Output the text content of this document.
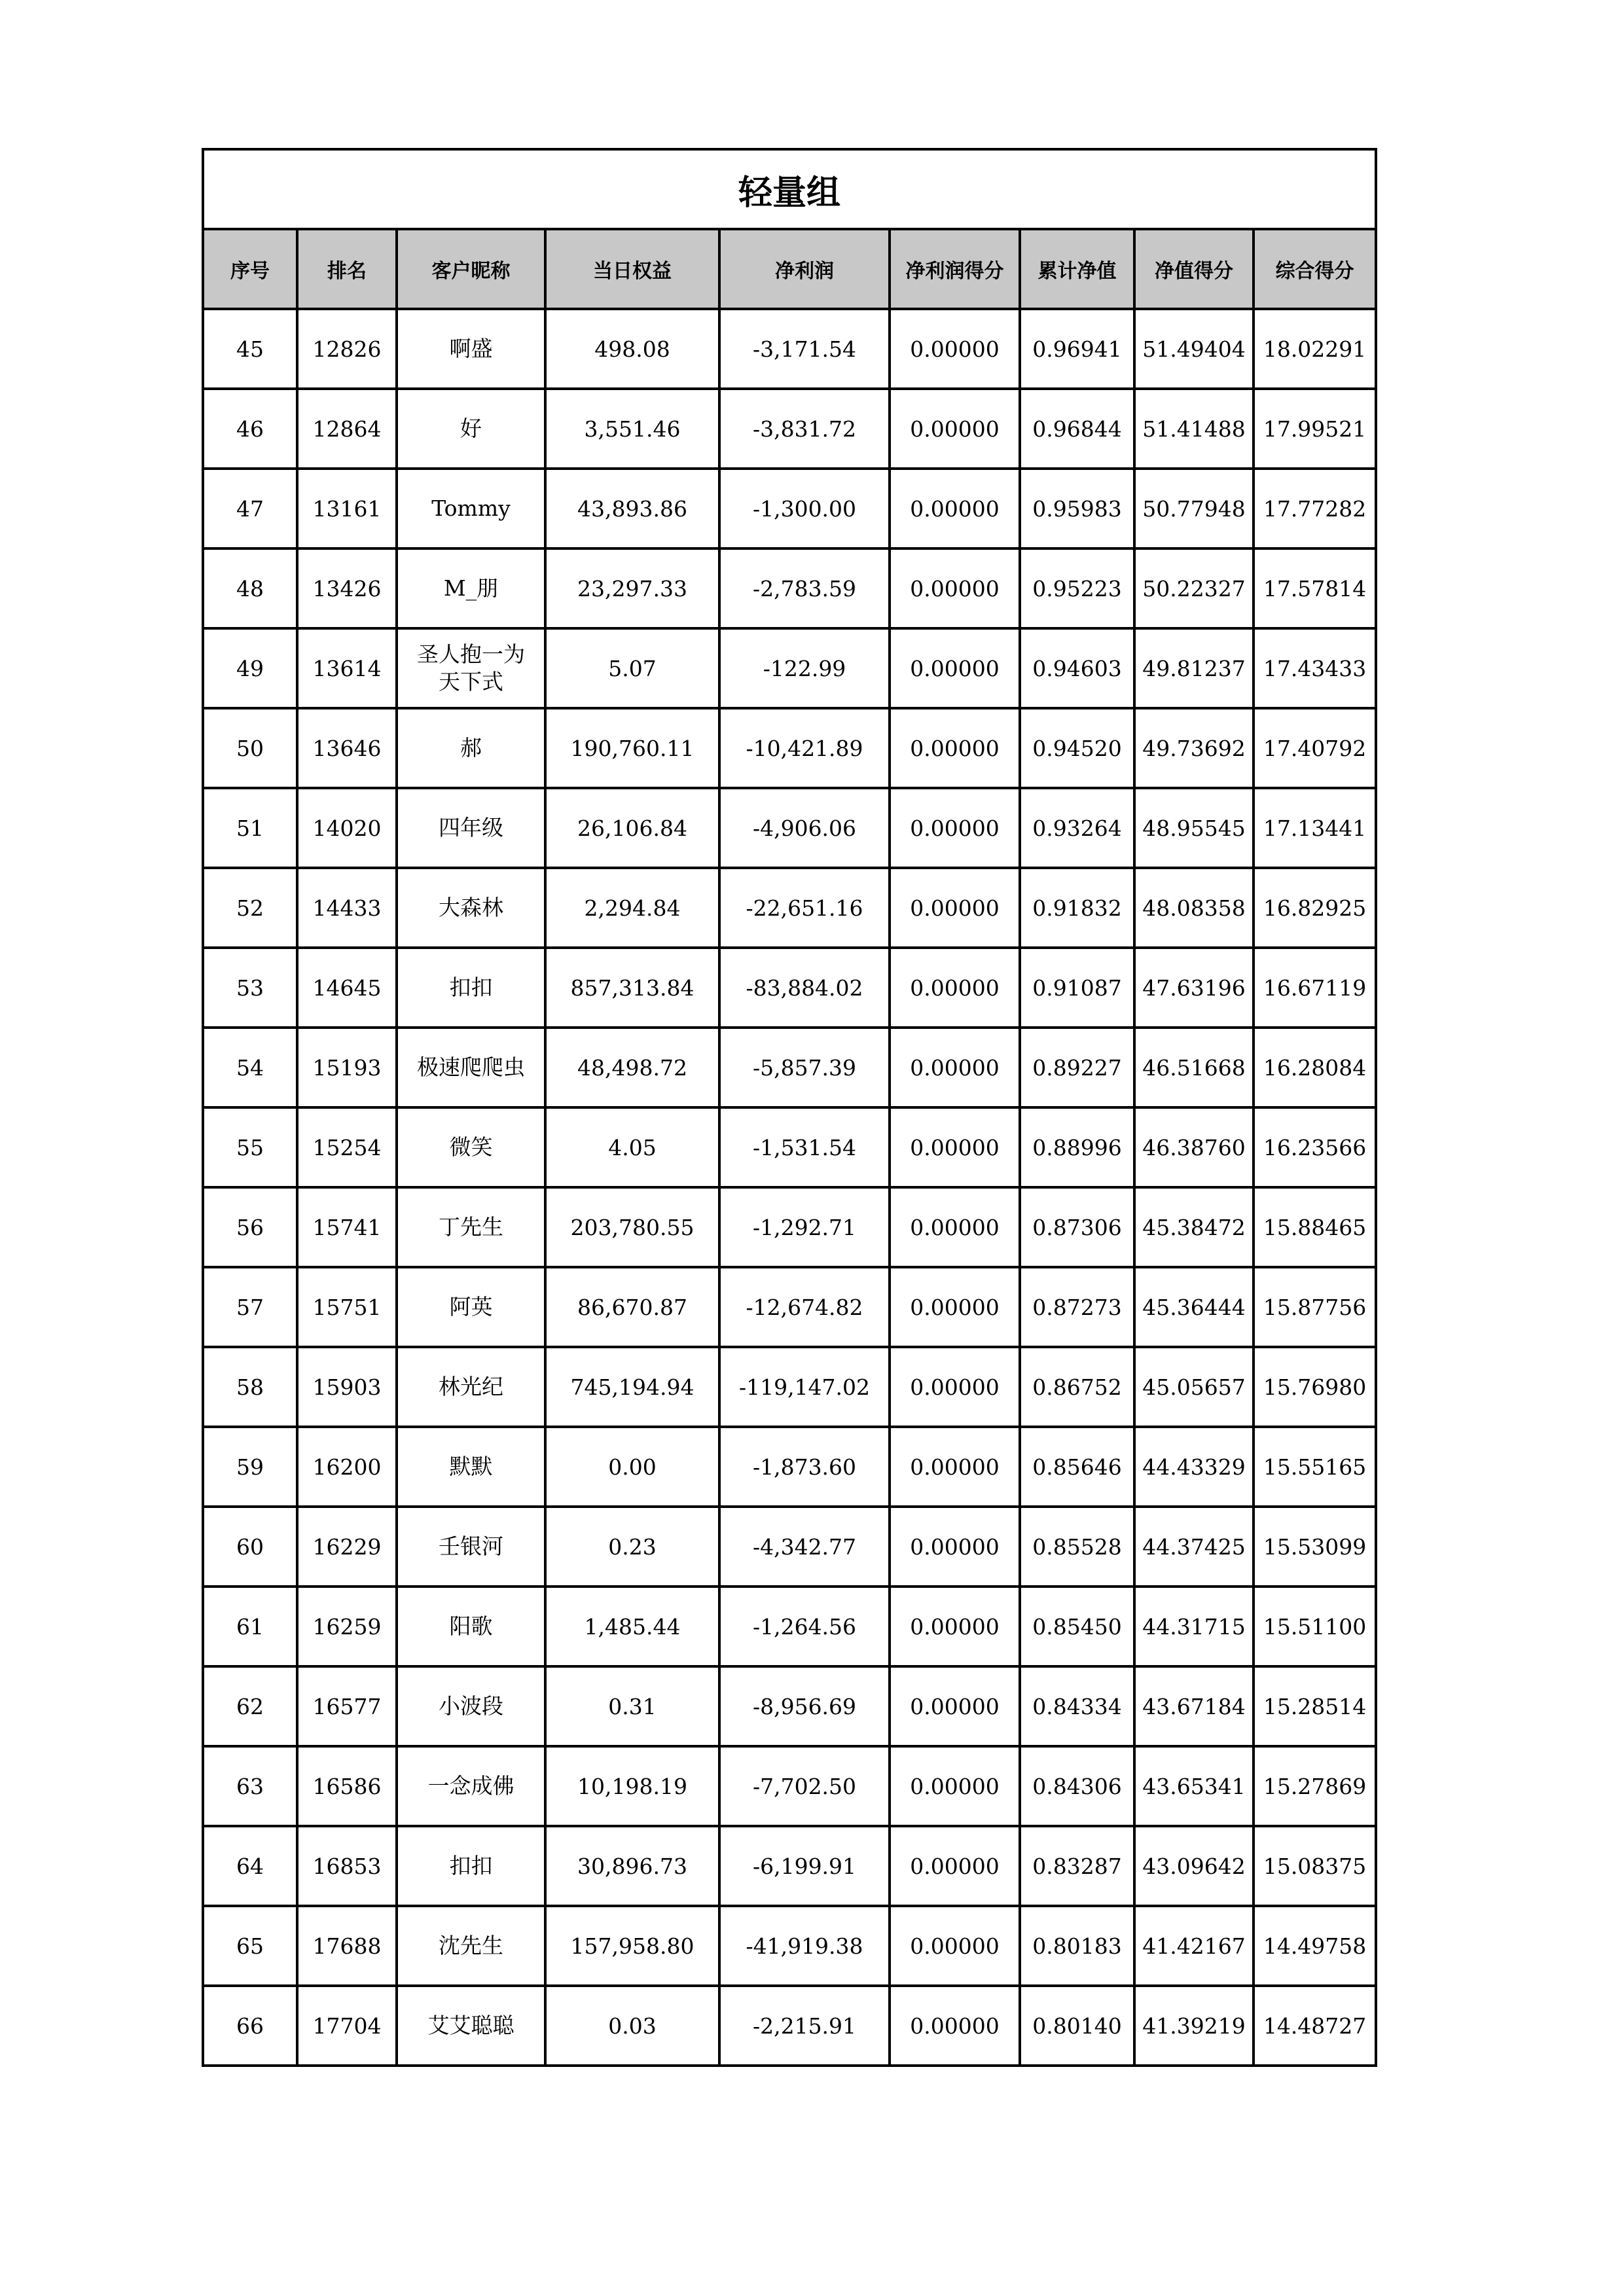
轻量组								
序号	排名	客户昵称	当日权益	净利润	净利润得分	累计净值	净值得分	综合得分
45	12826	啊盛	498.08	-3,171.54	0.00000	0.96941	51.49404	18.02291
46	12864	好	3,551.46	-3,831.72	0.00000	0.96844	51.41488	17.99521
47	13161	Tommy	43,893.86	-1,300.00	0.00000	0.95983	50.77948	17.77282
48	13426	M_朋	23,297.33	-2,783.59	0.00000	0.95223	50.22327	17.57814
49	13614	圣人抱一为天下式	5.07	-122.99	0.00000	0.94603	49.81237	17.43433
50	13646	郝	190,760.11	-10,421.89	0.00000	0.94520	49.73692	17.40792
51	14020	四年级	26,106.84	-4,906.06	0.00000	0.93264	48.95545	17.13441
52	14433	大森林	2,294.84	-22,651.16	0.00000	0.91832	48.08358	16.82925
53	14645	扣扣	857,313.84	-83,884.02	0.00000	0.91087	47.63196	16.67119
54	15193	极速爬爬虫	48,498.72	-5,857.39	0.00000	0.89227	46.51668	16.28084
55	15254	微笑	4.05	-1,531.54	0.00000	0.88996	46.38760	16.23566
56	15741	丁先生	203,780.55	-1,292.71	0.00000	0.87306	45.38472	15.88465
57	15751	阿英	86,670.87	-12,674.82	0.00000	0.87273	45.36444	15.87756
58	15903	林光纪	745,194.94	-119,147.02	0.00000	0.86752	45.05657	15.76980
59	16200	默默	0.00	-1,873.60	0.00000	0.85646	44.43329	15.55165
60	16229	壬银河	0.23	-4,342.77	0.00000	0.85528	44.37425	15.53099
61	16259	阳歌	1,485.44	-1,264.56	0.00000	0.85450	44.31715	15.51100
62	16577	小波段	0.31	-8,956.69	0.00000	0.84334	43.67184	15.28514
63	16586	一念成佛	10,198.19	-7,702.50	0.00000	0.84306	43.65341	15.27869
64	16853	扣扣	30,896.73	-6,199.91	0.00000	0.83287	43.09642	15.08375
65	17688	沈先生	157,958.80	-41,919.38	0.00000	0.80183	41.42167	14.49758
66	17704	艾艾聪聪	0.03	-2,215.91	0.00000	0.80140	41.39219	14.48727
